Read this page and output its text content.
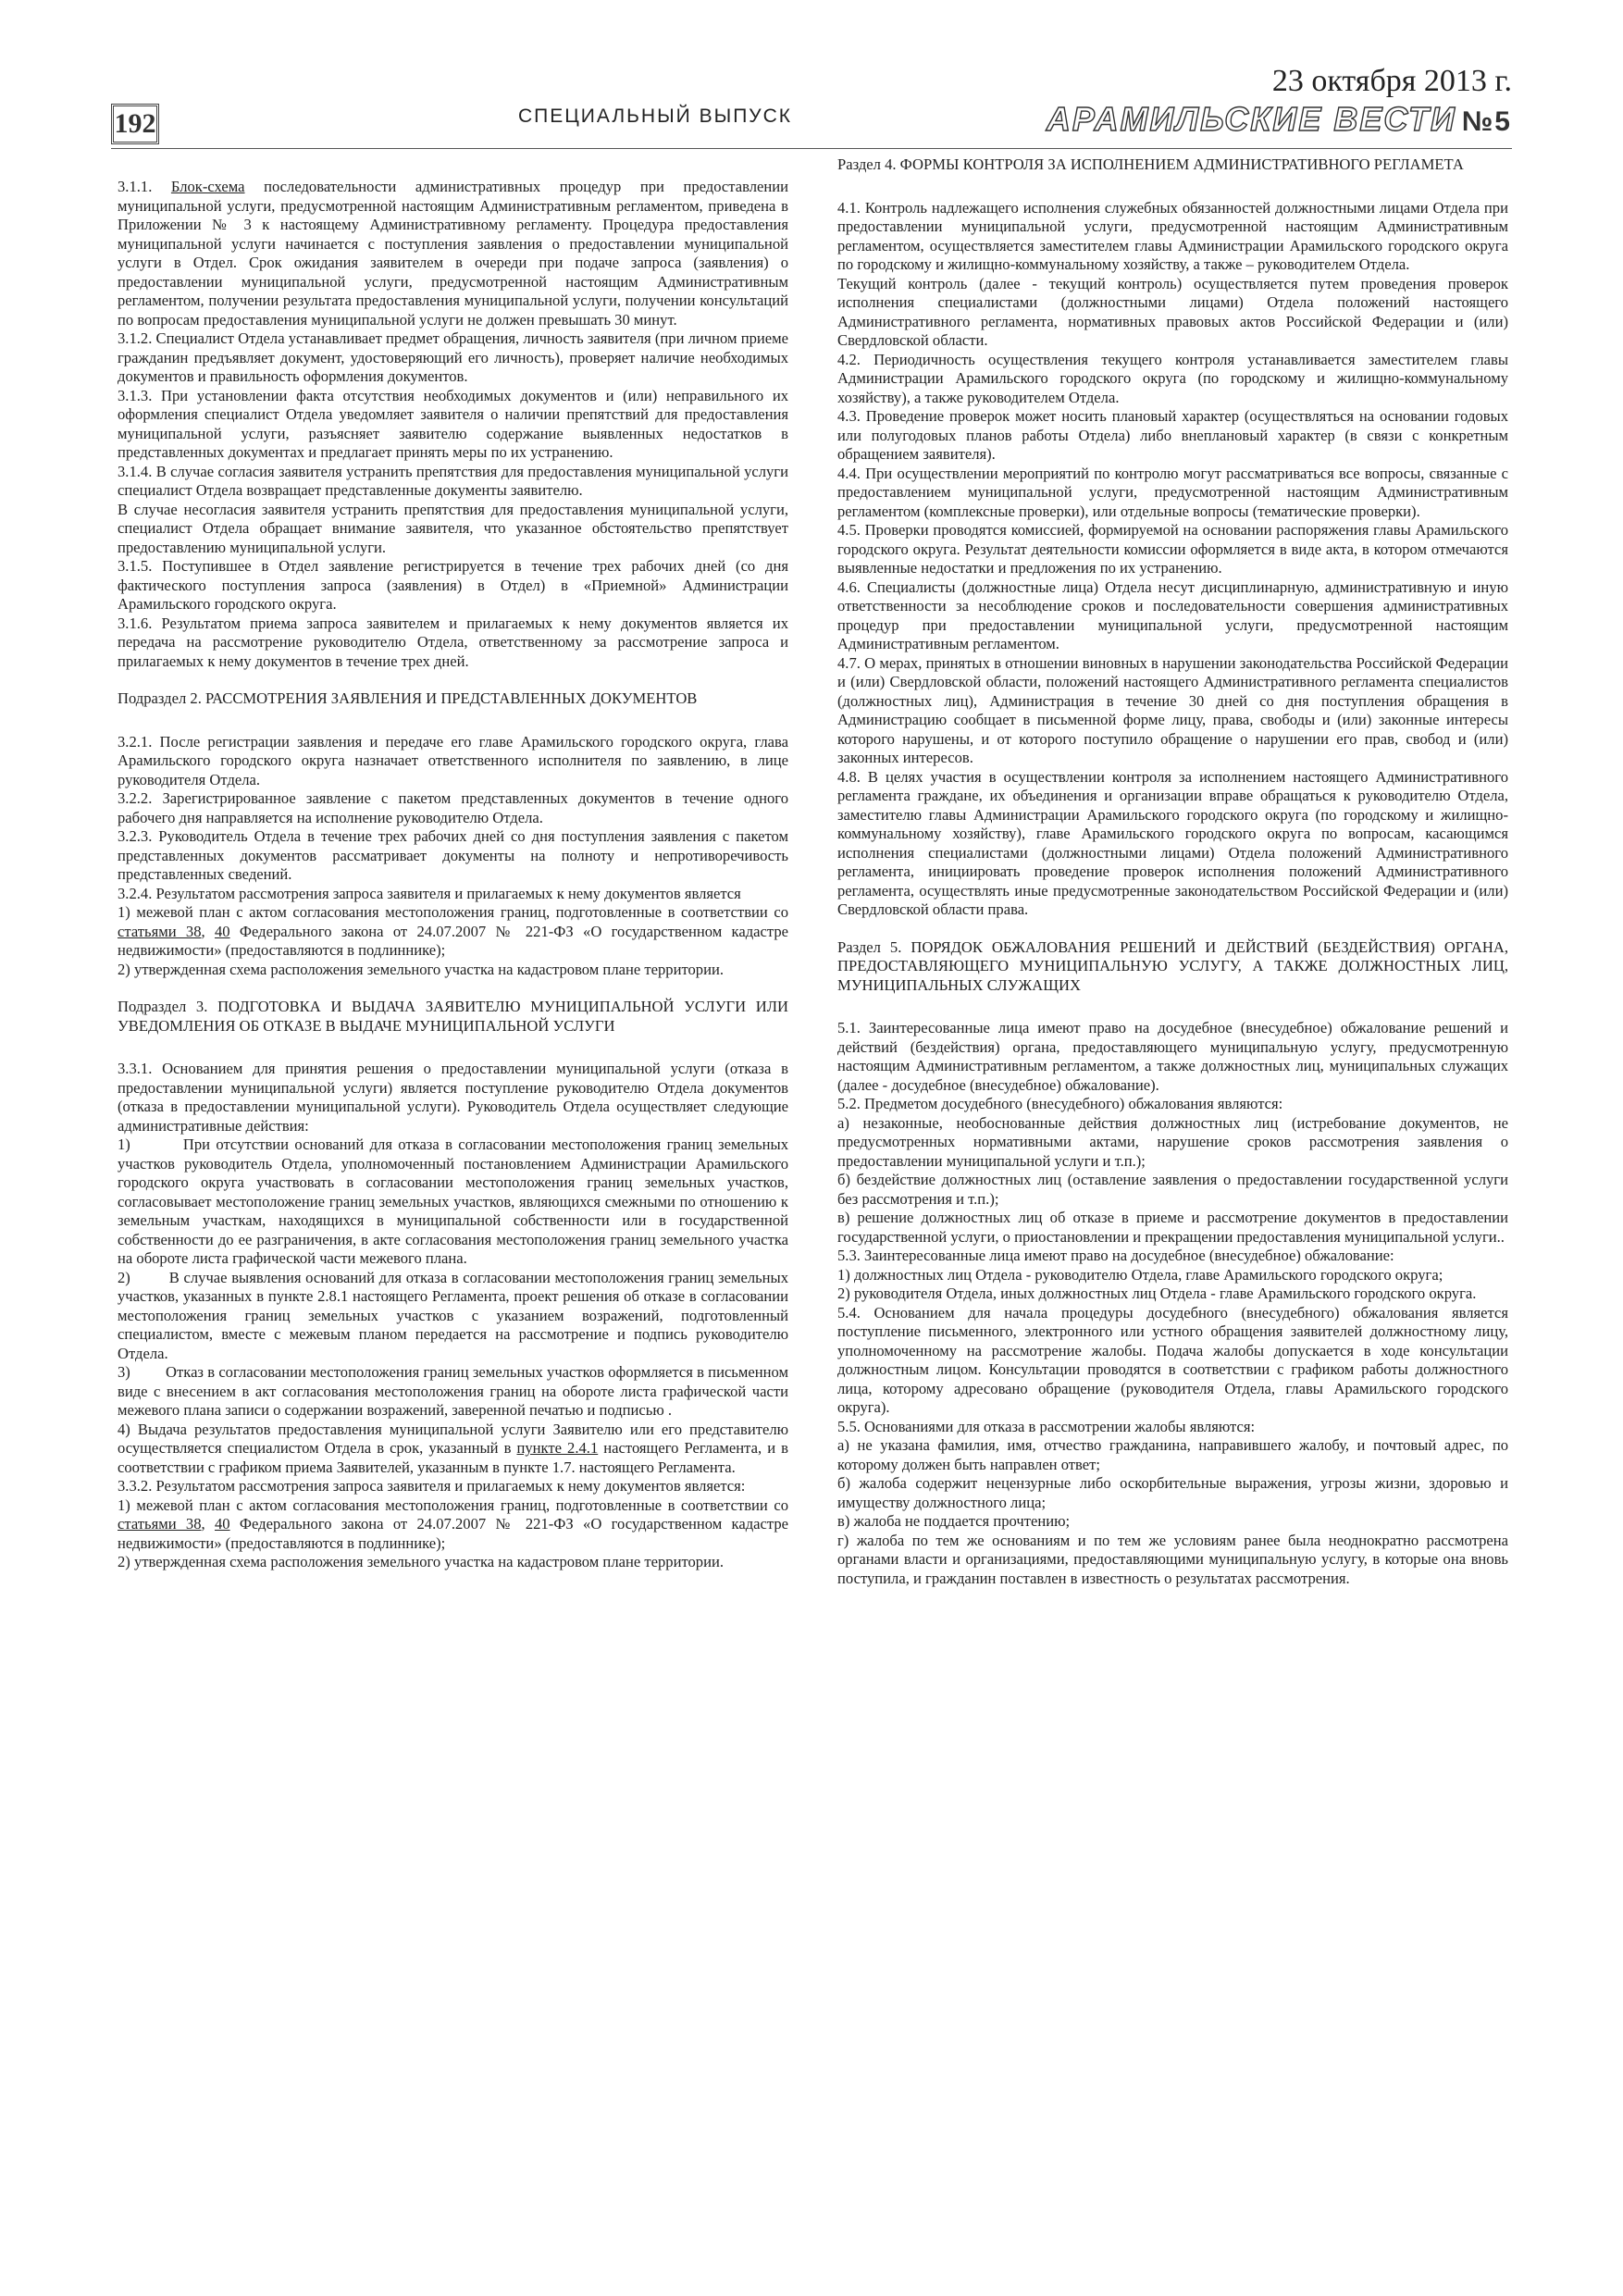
192	СПЕЦИАЛЬНЫЙ ВЫПУСК
23 октября 2013 г.
АРАМИЛЬСКИЕ ВЕСТИ №5

3.1.1. Блок-схема последовательности административных процедур при предоставлении муниципальной услуги, предусмотренной настоящим Административным регламентом, приведена в Приложении № 3 к настоящему Административному регламенту. Процедура предоставления муниципальной услуги начинается с поступления заявления о предоставлении муниципальной услуги в Отдел. Срок ожидания заявителем в очереди при подаче запроса (заявления) о предоставлении муниципальной услуги, предусмотренной настоящим Административным регламентом, получении результата предоставления муниципальной услуги, получении консультаций по вопросам предоставления муниципальной услуги не должен превышать 30 минут.

3.1.2. Специалист Отдела устанавливает предмет обращения, личность заявителя (при личном приеме гражданин предъявляет документ, удостоверяющий его личность), проверяет наличие необходимых документов и правильность оформления документов.

3.1.3. При установлении факта отсутствия необходимых документов и (или) неправильного их оформления специалист Отдела уведомляет заявителя о наличии препятствий для предоставления муниципальной услуги, разъясняет заявителю содержание выявленных недостатков в представленных документах и предлагает принять меры по их устранению.

3.1.4. В случае согласия заявителя устранить препятствия для предоставления муниципальной услуги специалист Отдела возвращает представленные документы заявителю.

В случае несогласия заявителя устранить препятствия для предоставления муниципальной услуги, специалист Отдела обращает внимание заявителя, что указанное обстоятельство препятствует предоставлению муниципальной услуги.

3.1.5. Поступившее в Отдел заявление регистрируется в течение трех рабочих дней (со дня фактического поступления запроса (заявления) в Отдел) в «Приемной» Администрации Арамильского городского округа.

3.1.6. Результатом приема запроса заявителем и прилагаемых к нему документов является их передача на рассмотрение руководителю Отдела, ответственному за рассмотрение запроса и прилагаемых к нему документов в течение трех дней.

Подраздел 2. РАССМОТРЕНИЯ ЗАЯВЛЕНИЯ И ПРЕДСТАВЛЕННЫХ ДОКУМЕНТОВ

3.2.1. После регистрации заявления и передаче его главе Арамильского городского округа, глава Арамильского городского округа назначает ответственного исполнителя по заявлению, в лице руководителя Отдела.

3.2.2. Зарегистрированное заявление с пакетом представленных документов в течение одного рабочего дня направляется на исполнение руководителю Отдела.

3.2.3. Руководитель Отдела в течение трех рабочих дней со дня поступления заявления с пакетом представленных документов рассматривает документы на полноту и непротиворечивость представленных сведений.

3.2.4. Результатом рассмотрения запроса заявителя и прилагаемых к нему документов является

1) межевой план с актом согласования местоположения границ, подготовленные в соответствии со статьями 38, 40 Федерального закона от 24.07.2007 № 221-ФЗ «О государственном кадастре недвижимости» (предоставляются в подлиннике);

2) утвержденная схема расположения земельного участка на кадастровом плане территории.

Подраздел 3. ПОДГОТОВКА И ВЫДАЧА ЗАЯВИТЕЛЮ МУНИЦИПАЛЬНОЙ УСЛУГИ ИЛИ УВЕДОМЛЕНИЯ ОБ ОТКАЗЕ В ВЫДАЧЕ МУНИЦИПАЛЬНОЙ УСЛУГИ

3.3.1. Основанием для принятия решения о предоставлении муниципальной услуги (отказа в предоставлении муниципальной услуги) является поступление руководителю Отдела документов (отказа в предоставлении муниципальной услуги). Руководитель Отдела осуществляет следующие административные действия:

1)         При отсутствии оснований для отказа в согласовании местоположения границ земельных участков руководитель Отдела, уполномоченный постановлением Администрации Арамильского городского округа участвовать в согласовании местоположения границ земельных участков, согласовывает местоположение границ земельных участков, являющихся смежными по отношению к земельным участкам, находящихся в муниципальной собственности или в государственной собственности до ее разграничения, в акте согласования местоположения границ земельного участка на обороте листа графической части межевого плана.

2)         В случае выявления оснований для отказа в согласовании местоположения границ земельных участков, указанных в пункте 2.8.1 настоящего Регламента, проект решения об отказе в согласовании местоположения границ земельных участков с указанием возражений, подготовленный специалистом, вместе с межевым планом передается на рассмотрение и подпись руководителю Отдела.

3)         Отказ в согласовании местоположения границ земельных участков оформляется в письменном виде с внесением в акт согласования местоположения границ на обороте листа графической части межевого плана записи о содержании возражений, заверенной печатью и подписью .

4) Выдача результатов предоставления муниципальной услуги Заявителю или его представителю осуществляется специалистом Отдела в срок, указанный в пункте 2.4.1 настоящего Регламента, и в соответствии с графиком приема Заявителей, указанным в пункте 1.7. настоящего Регламента.

3.3.2. Результатом рассмотрения запроса заявителя и прилагаемых к нему документов является:

1) межевой план с актом согласования местоположения границ, подготовленные в соответствии со статьями 38, 40 Федерального закона от 24.07.2007 № 221-ФЗ «О государственном кадастре недвижимости» (предоставляются в подлиннике);

2) утвержденная схема расположения земельного участка на кадастровом плане территории.

Раздел 4. ФОРМЫ КОНТРОЛЯ ЗА ИСПОЛНЕНИЕМ АДМИНИСТРАТИВНОГО РЕГЛАМЕТА

4.1. Контроль надлежащего исполнения служебных обязанностей должностными лицами Отдела при предоставлении муниципальной услуги, предусмотренной настоящим Административным регламентом, осуществляется заместителем главы Администрации Арамильского городского округа по городскому и жилищно-коммунальному хозяйству, а также – руководителем Отдела.

Текущий контроль (далее - текущий контроль) осуществляется путем проведения проверок исполнения специалистами (должностными лицами) Отдела положений настоящего Административного регламента, нормативных правовых актов Российской Федерации и (или) Свердловской области.

4.2. Периодичность осуществления текущего контроля устанавливается заместителем главы Администрации Арамильского городского округа (по городскому и жилищно-коммунальному хозяйству), а также руководителем Отдела.

4.3. Проведение проверок может носить плановый характер (осуществляться на основании годовых или полугодовых планов работы Отдела) либо внеплановый характер (в связи с конкретным обращением заявителя).

4.4. При осуществлении мероприятий по контролю могут рассматриваться все вопросы, связанные с предоставлением муниципальной услуги, предусмотренной настоящим Административным регламентом (комплексные проверки), или отдельные вопросы (тематические проверки).

4.5. Проверки проводятся комиссией, формируемой на основании распоряжения главы Арамильского городского округа. Результат деятельности комиссии оформляется в виде акта, в котором отмечаются выявленные недостатки и предложения по их устранению.

4.6. Специалисты (должностные лица) Отдела несут дисциплинарную, административную и иную ответственности за несоблюдение сроков и последовательности совершения административных процедур при предоставлении муниципальной услуги, предусмотренной настоящим Административным регламентом.

4.7. О мерах, принятых в отношении виновных в нарушении законодательства Российской Федерации и (или) Свердловской области, положений настоящего Административного регламента специалистов (должностных лиц), Администрация в течение 30 дней со дня поступления обращения в Администрацию сообщает в письменной форме лицу, права, свободы и (или) законные интересы которого нарушены, и от которого поступило обращение о нарушении его прав, свобод и (или) законных интересов.

4.8. В целях участия в осуществлении контроля за исполнением настоящего Административного регламента граждане, их объединения и организации вправе обращаться к руководителю Отдела, заместителю главы Администрации Арамильского городского округа (по городскому и жилищно-коммунальному хозяйству), главе Арамильского городского округа по вопросам, касающимся исполнения специалистами (должностными лицами) Отдела положений Административного регламента, инициировать проведение проверок исполнения положений Административного регламента, осуществлять иные предусмотренные законодательством Российской Федерации и (или) Свердловской области права.

Раздел 5. ПОРЯДОК ОБЖАЛОВАНИЯ РЕШЕНИЙ И ДЕЙСТВИЙ (БЕЗДЕЙСТВИЯ) ОРГАНА, ПРЕДОСТАВЛЯЮЩЕГО МУНИЦИПАЛЬНУЮ УСЛУГУ, А ТАКЖЕ ДОЛЖНОСТНЫХ ЛИЦ, МУНИЦИПАЛЬНЫХ СЛУЖАЩИХ

5.1. Заинтересованные лица имеют право на досудебное (внесудебное) обжалование решений и действий (бездействия) органа, предоставляющего муниципальную услугу, предусмотренную настоящим Административным регламентом, а также должностных лиц, муниципальных служащих (далее - досудебное (внесудебное) обжалование).

5.2. Предметом досудебного (внесудебного) обжалования являются:

а) незаконные, необоснованные действия должностных лиц (истребование документов, не предусмотренных нормативными актами, нарушение сроков рассмотрения заявления о предоставлении муниципальной услуги и т.п.);

б) бездействие должностных лиц (оставление заявления о предоставлении государственной услуги без рассмотрения и т.п.);

в) решение должностных лиц об отказе в приеме и рассмотрение документов в предоставлении государственной услуги, о приостановлении и прекращении предоставления муниципальной услуги..

5.3. Заинтересованные лица имеют право на досудебное (внесудебное) обжалование:

1) должностных лиц Отдела - руководителю Отдела, главе Арамильского городского округа;

2) руководителя Отдела, иных должностных лиц Отдела - главе Арамильского городского округа.

5.4. Основанием для начала процедуры досудебного (внесудебного) обжалования является поступление письменного, электронного или устного обращения заявителей должностному лицу, уполномоченному на рассмотрение жалобы. Подача жалобы допускается в ходе консультации должностным лицом. Консультации проводятся в соответствии с графиком работы должностного лица, которому адресовано обращение (руководителя Отдела, главы Арамильского городского округа).

5.5. Основаниями для отказа в рассмотрении жалобы являются:

а) не указана фамилия, имя, отчество гражданина, направившего жалобу, и почтовый адрес, по которому должен быть направлен ответ;

б) жалоба содержит нецензурные либо оскорбительные выражения, угрозы жизни, здоровью и имуществу должностного лица;

в) жалоба не поддается прочтению;

г) жалоба по тем же основаниям и по тем же условиям ранее была неоднократно рассмотрена органами власти и организациями, предоставляющими муниципальную услугу, в которые она вновь поступила, и гражданин поставлен в известность о результатах рассмотрения.
